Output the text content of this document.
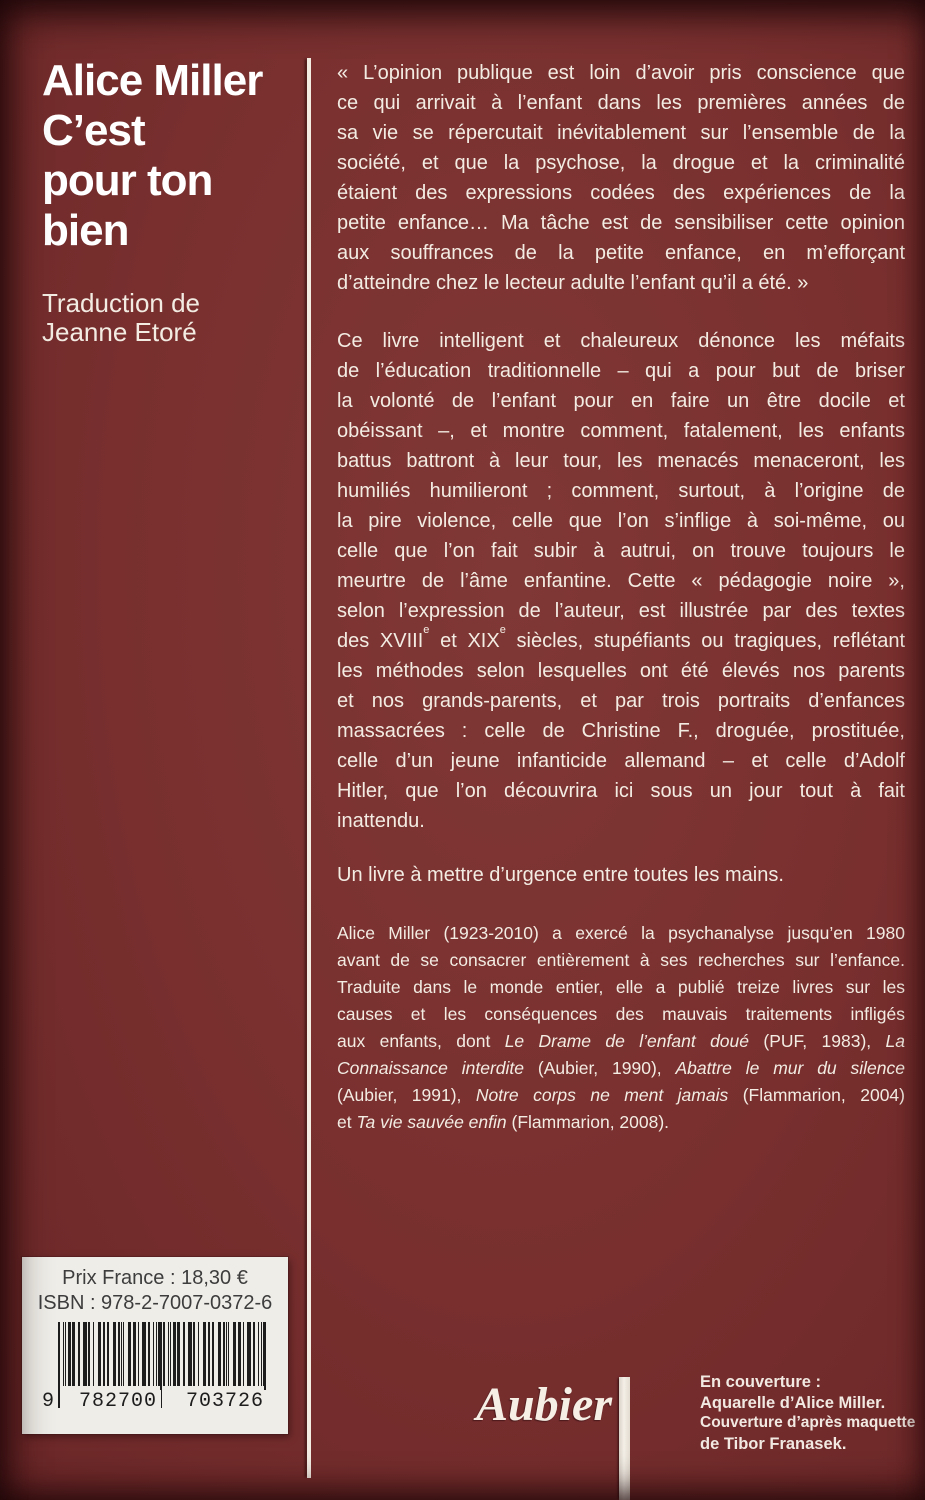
Alice Miller
C’est
pour ton
bien
Traduction de
Jeanne Etoré
« L’opinion publique est loin d’avoir pris conscience que
ce qui arrivait à l’enfant dans les premières années de
sa vie se répercutait inévitablement sur l’ensemble de la
société, et que la psychose, la drogue et la criminalité
étaient des expressions codées des expériences de la
petite enfance… Ma tâche est de sensibiliser cette opinion
aux souffrances de la petite enfance, en m’efforçant
d’atteindre chez le lecteur adulte l’enfant qu’il a été. »
Ce livre intelligent et chaleureux dénonce les méfaits
de l’éducation traditionnelle – qui a pour but de briser
la volonté de l’enfant pour en faire un être docile et
obéissant –, et montre comment, fatalement, les enfants
battus battront à leur tour, les menacés menaceront, les
humiliés humilieront ; comment, surtout, à l’origine de
la pire violence, celle que l’on s’inflige à soi-même, ou
celle que l’on fait subir à autrui, on trouve toujours le
meurtre de l’âme enfantine. Cette « pédagogie noire »,
selon l’expression de l’auteur, est illustrée par des textes
des XVIIIe et XIXe siècles, stupéfiants ou tragiques, reflétant
les méthodes selon lesquelles ont été élevés nos parents
et nos grands-parents, et par trois portraits d’enfances
massacrées : celle de Christine F., droguée, prostituée,
celle d’un jeune infanticide allemand – et celle d’Adolf
Hitler, que l’on découvrira ici sous un jour tout à fait
inattendu.
Un livre à mettre d’urgence entre toutes les mains.
Alice Miller (1923-2010) a exercé la psychanalyse jusqu’en 1980
avant de se consacrer entièrement à ses recherches sur l’enfance.
Traduite dans le monde entier, elle a publié treize livres sur les
causes et les conséquences des mauvais traitements infligés
aux enfants, dont Le Drame de l’enfant doué (PUF, 1983), La
Connaissance interdite (Aubier, 1990), Abattre le mur du silence
(Aubier, 1991), Notre corps ne ment jamais (Flammarion, 2004)
et Ta vie sauvée enfin (Flammarion, 2008).
Prix France : 18,30 €
ISBN : 978-2-7007-0372-6
9 782700 703726	Aubier	En couverture :
Aquarelle d’Alice Miller.
Couverture d’après maquette
de Tibor Franasek.
